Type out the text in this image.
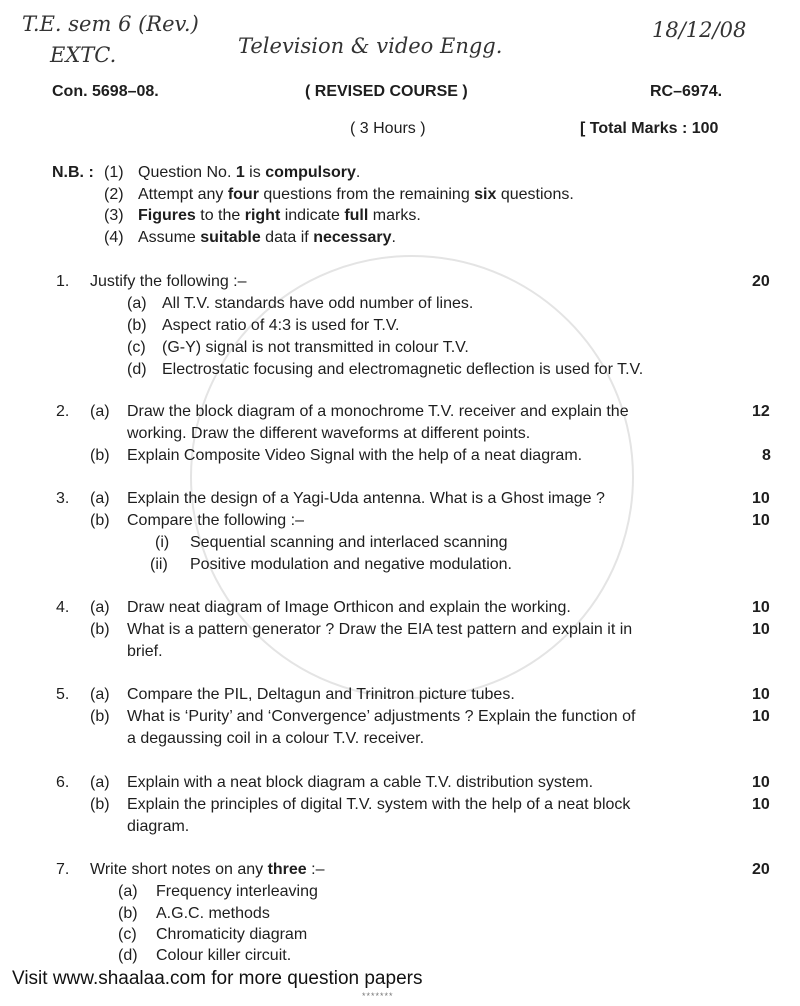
T.E. sem 6 (Rev.)
EXTC.	Television & video Engg.
18/12/08
Con. 5698–08.	( REVISED COURSE )	RC–6974.
( 3 Hours )	[ Total Marks : 100
N.B. : (1) Question No. 1 is compulsory.
(2) Attempt any four questions from the remaining six questions.
(3) Figures to the right indicate full marks.
(4) Assume suitable data if necessary.
1. Justify the following :–	20
(a) All T.V. standards have odd number of lines.
(b) Aspect ratio of 4:3 is used for T.V.
(c) (G-Y) signal is not transmitted in colour T.V.
(d) Electrostatic focusing and electromagnetic deflection is used for T.V.
2. (a) Draw the block diagram of a monochrome T.V. receiver and explain the	12
working. Draw the different waveforms at different points.
(b) Explain Composite Video Signal with the help of a neat diagram.	8
3. (a) Explain the design of a Yagi-Uda antenna. What is a Ghost image ?	10
(b) Compare the following :–	10
(i) Sequential scanning and interlaced scanning
(ii) Positive modulation and negative modulation.
4. (a) Draw neat diagram of Image Orthicon and explain the working.	10
(b) What is a pattern generator ? Draw the EIA test pattern and explain it in	10
brief.
5. (a) Compare the PIL, Deltagun and Trinitron picture tubes.	10
(b) What is ‘Purity’ and ‘Convergence’ adjustments ? Explain the function of	10
a degaussing coil in a colour T.V. receiver.
6. (a) Explain with a neat block diagram a cable T.V. distribution system.	10
(b) Explain the principles of digital T.V. system with the help of a neat block	10
diagram.
7. Write short notes on any three :–	20
(a) Frequency interleaving
(b) A.G.C. methods
(c) Chromaticity diagram
(d) Colour killer circuit.
Visit www.shaalaa.com for more question papers
*******
